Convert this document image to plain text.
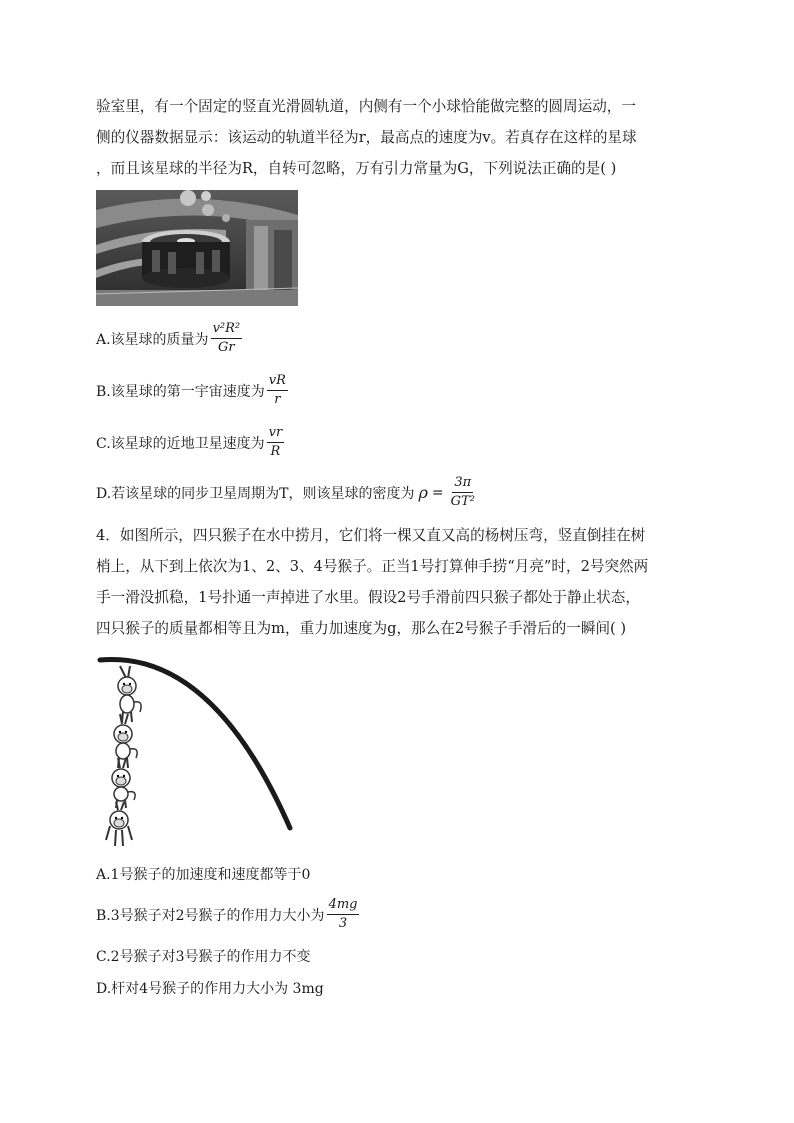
验室里，有一个固定的竖直光滑圆轨道，内侧有一个小球恰能做完整的圆周运动，一
侧的仪器数据显示：该运动的轨道半径为r，最高点的速度为v。若真存在这样的星球
，而且该星球的半径为R，自转可忽略，万有引力常量为G，下列说法正确的是( )
A.该星球的质量为 $\frac{\text{v²R²}}{Gr}$
B.该星球的第一宇宙速度为 $\frac{vR}{r}$
C.该星球的近地卫星速度为 $\frac{vr}{R}$
D.若该星球的同步卫星周期为T，则该星球的密度为 $\rho = \frac{3\pi}{\text{GT²}}$
4．如图所示，四只猴子在水中捞月，它们将一棵又直又高的杨树压弯，竖直倒挂在树
梢上，从下到上依次为1、2、3、4号猴子。正当1号打算伸手捞“月亮”时，2号突然两
手一滑没抓稳，1号扑通一声掉进了水里。假设2号手滑前四只猴子都处于静止状态，
四只猴子的质量都相等且为m，重力加速度为g，那么在2号猴子手滑后的一瞬间( )
A.1号猴子的加速度和速度都等于0
B.3号猴子对2号猴子的作用力大小为 $\frac{4mg}{3}$
C.2号猴子对3号猴子的作用力不变
D.杆对4号猴子的作用力大小为 3mg
